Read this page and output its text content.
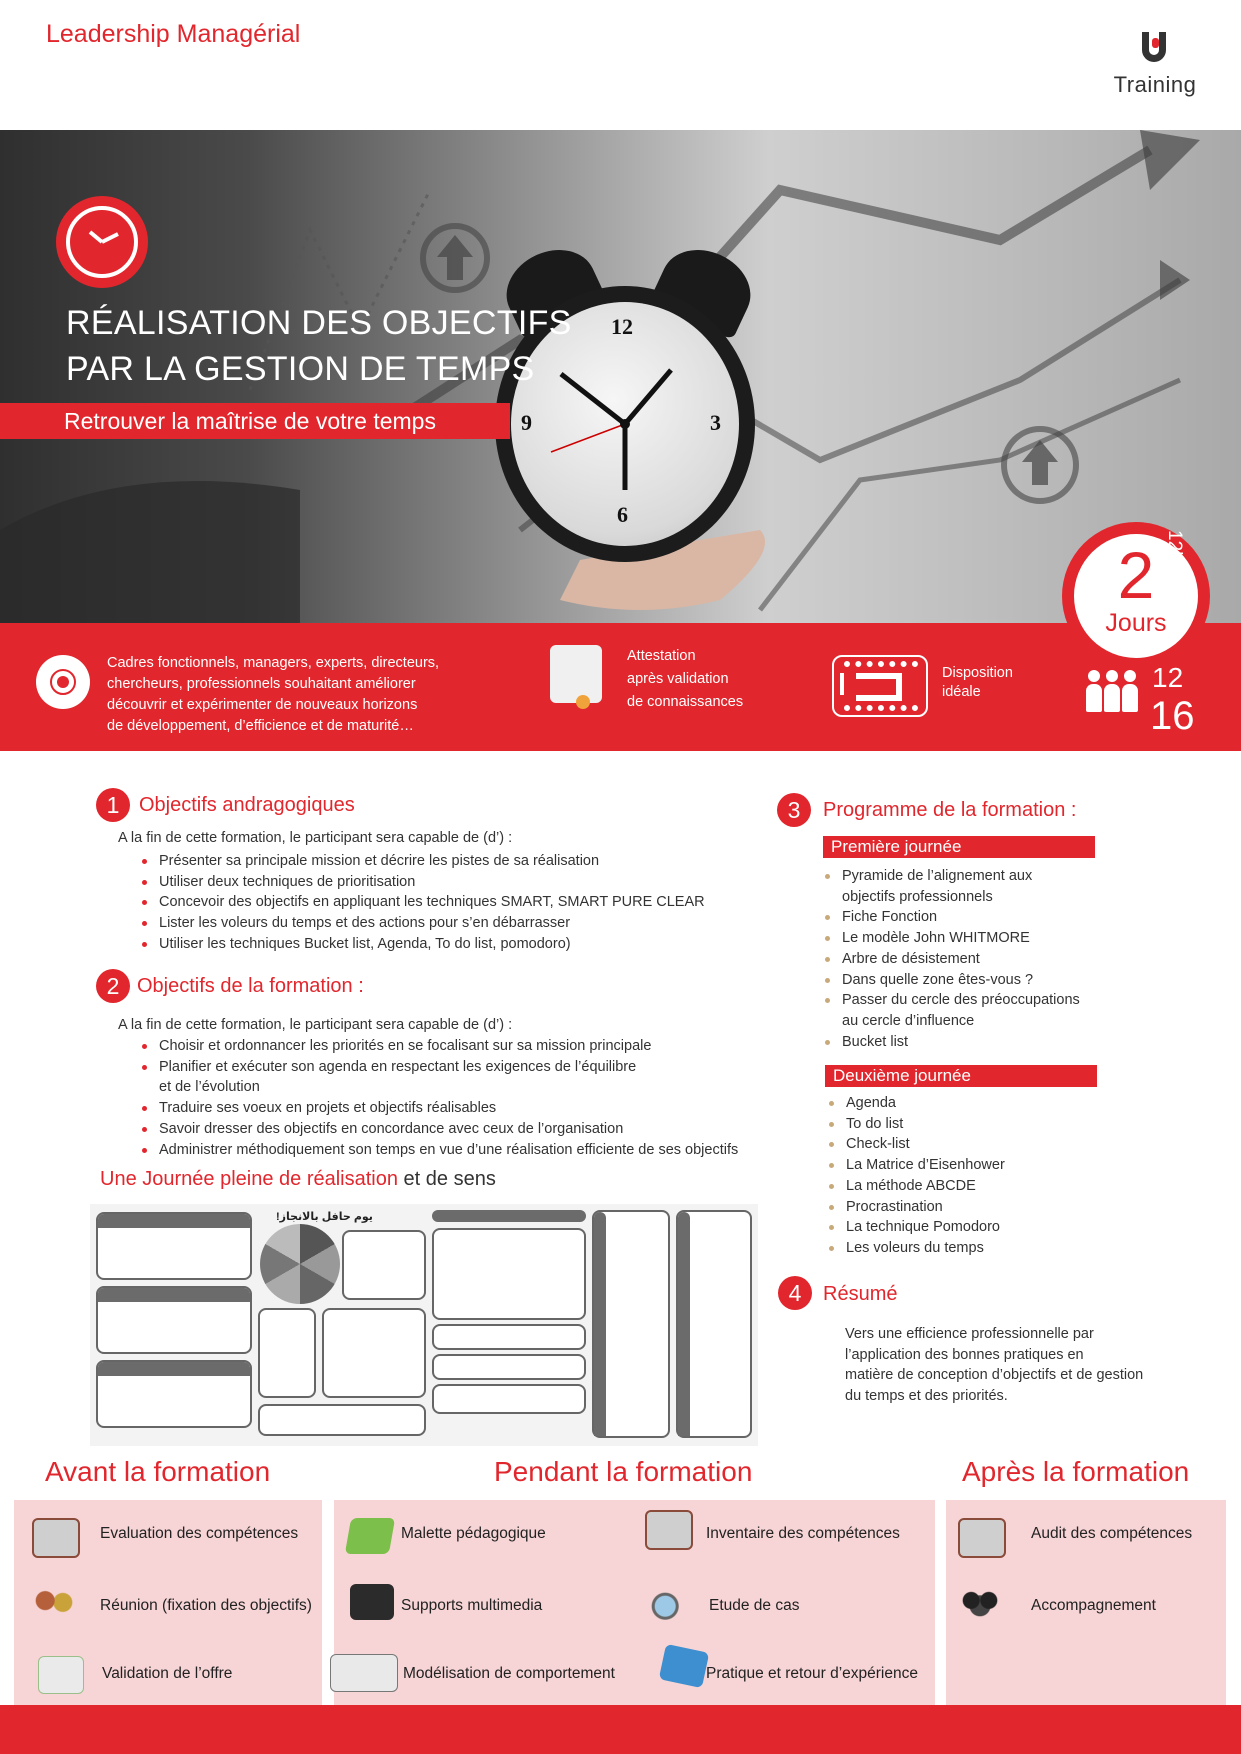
Leadership Managérial
Training
12
3
6
9
RÉALISATION DES OBJECTIFS
PAR LA GESTION DE TEMPS
Retrouver la maîtrise de votre temps
Cadres fonctionnels, managers, experts, directeurs,
chercheurs, professionnels souhaitant améliorer
découvrir et expérimenter de nouveaux horizons
de développement, d’efficience et de maturité…
Attestation
après validation
de connaissances
Disposition
idéale
2
Jours
12heures
12
16
1 Objectifs andragogiques
A la fin de cette formation, le participant sera capable de (d’) :
Présenter sa principale mission et décrire les pistes de sa réalisation
Utiliser deux techniques de prioritisation
Concevoir des objectifs en appliquant les techniques SMART, SMART PURE CLEAR
Lister les voleurs du temps et des actions pour s’en débarrasser
Utiliser les techniques Bucket list, Agenda, To do list, pomodoro)
2 Objectifs de la formation :
A la fin de cette formation, le participant sera capable de (d’) :
Choisir et ordonnancer les priorités en se focalisant sur sa mission principale
Planifier et exécuter son agenda en respectant les exigences de l’équilibre
et de l’évolution
Traduire ses voeux en projets et objectifs réalisables
Savoir dresser des objectifs en concordance avec ceux de l’organisation
Administrer méthodiquement son temps en vue d’une réalisation efficiente de ses objectifs
Une Journée pleine de réalisation et de sens
يوم حافل بالانجاز!
3	Programme de la formation :
Première journée
Pyramide de l’alignement aux
objectifs professionnels
Fiche Fonction
Le modèle John WHITMORE
Arbre de désistement
Dans quelle zone êtes-vous ?
Passer du cercle des préoccupations
au cercle d’influence
Bucket list
Deuxième journée
Agenda
To do list
Check-list
La Matrice d’Eisenhower
La méthode ABCDE
Procrastination
La technique Pomodoro
Les voleurs du temps
4	Résumé
Vers une efficience professionnelle par
l’application des bonnes pratiques en
matière de conception d’objectifs et de gestion
du temps et des priorités.
Avant la formation	Pendant la formation	Après la formation
Evaluation des compétences
Réunion (fixation des objectifs)
Validation de l’offre
Malette pédagogique
Supports multimedia
Modélisation de comportement
Inventaire des compétences
Etude de cas
Pratique et retour d’expérience
Audit des compétences
Accompagnement
